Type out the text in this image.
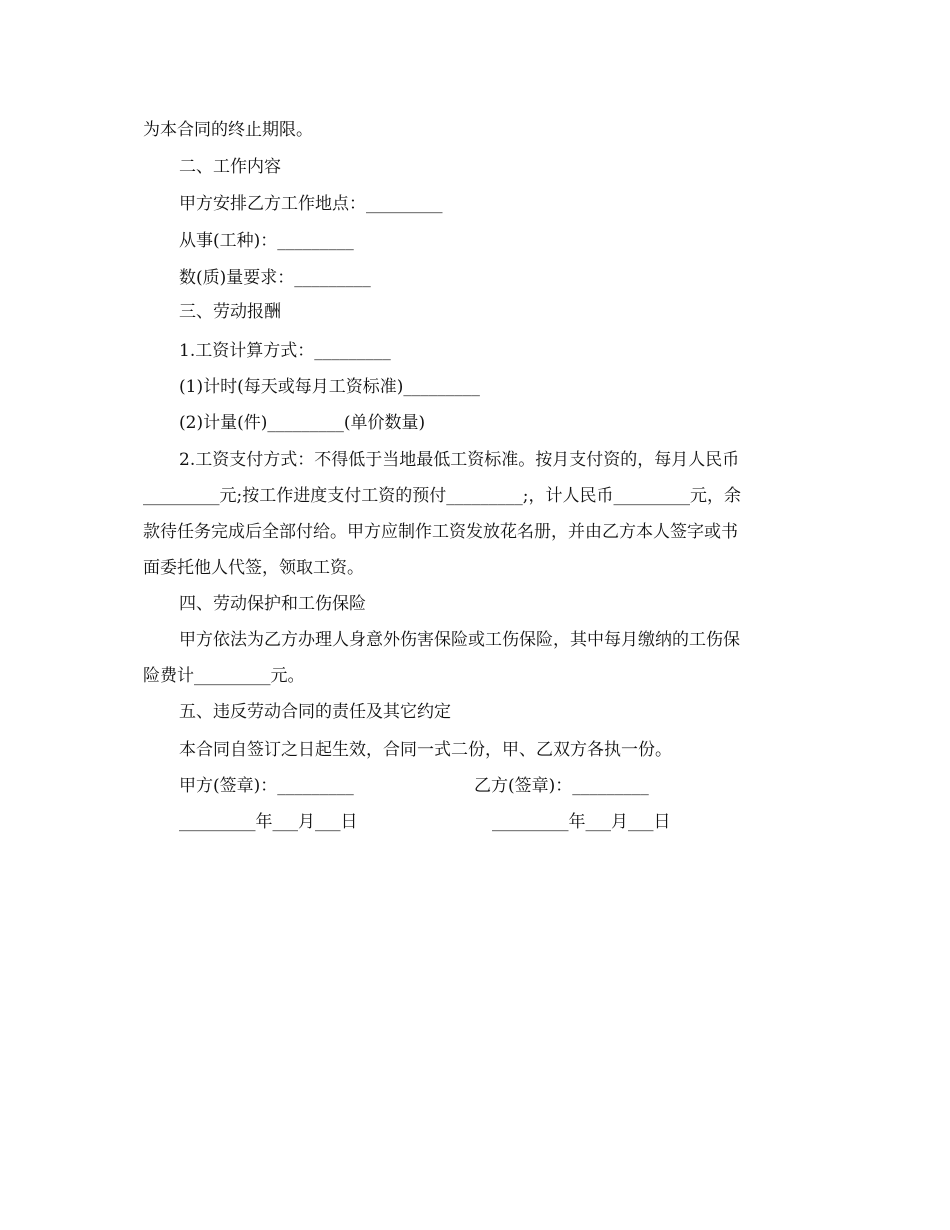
为本合同的终止期限。
二、工作内容
甲方安排乙方工作地点：_________
从事(工种)：_________
数(质)量要求：_________
三、劳动报酬
1.工资计算方式：_________
(1)计时(每天或每月工资标准)_________
(2)计量(件)_________(单价数量)
2.工资支付方式：不得低于当地最低工资标准。按月支付资的，每月人民币
_________元;按工作进度支付工资的预付_________;，计人民币_________元，余
款待任务完成后全部付给。甲方应制作工资发放花名册，并由乙方本人签字或书
面委托他人代签，领取工资。
四、劳动保护和工伤保险
甲方依法为乙方办理人身意外伤害保险或工伤保险，其中每月缴纳的工伤保
险费计_________元。
五、违反劳动合同的责任及其它约定
本合同自签订之日起生效，合同一式二份，甲、乙双方各执一份。
甲方(签章)：_________	乙方(签章)：_________
_________年___月___日	_________年___月___日
